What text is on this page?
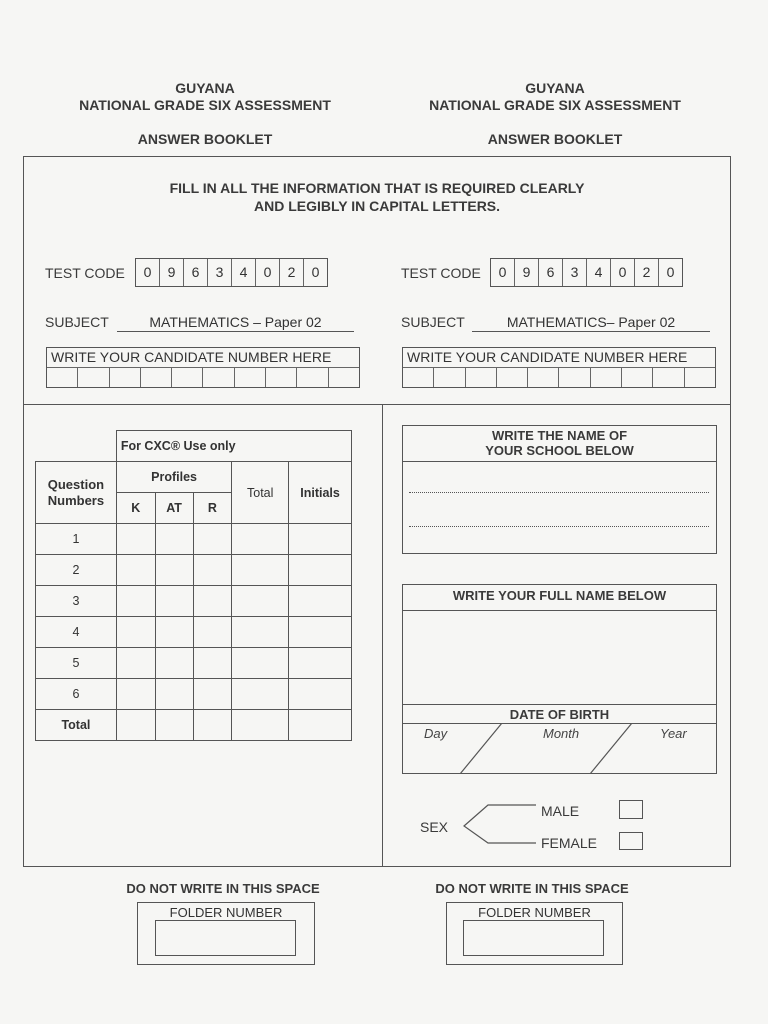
GUYANA
NATIONAL GRADE SIX ASSESSMENT
ANSWER BOOKLET
GUYANA
NATIONAL GRADE SIX ASSESSMENT
ANSWER BOOKLET
FILL IN ALL THE INFORMATION THAT IS REQUIRED CLEARLY
AND LEGIBLY IN CAPITAL LETTERS.
TEST CODE	0	9	6	3	4	0	2	0	TEST CODE	0	9	6	3	4	0	2	0
SUBJECT	MATHEMATICS – Paper 02	SUBJECT	MATHEMATICS– Paper 02
WRITE YOUR CANDIDATE NUMBER HERE	WRITE YOUR CANDIDATE NUMBER HERE
	For CXC® Use only				
Question Numbers	Profiles			Total	Initials
	K	AT	R		
1					
2					
3					
4					
5					
6					
Total					
WRITE THE NAME OF
YOUR SCHOOL BELOW
WRITE YOUR FULL NAME BELOW
DATE OF BIRTH
Day	Month	Year
SEX
MALE
FEMALE
DO NOT WRITE IN THIS SPACE
FOLDER NUMBER
DO NOT WRITE IN THIS SPACE
FOLDER NUMBER
